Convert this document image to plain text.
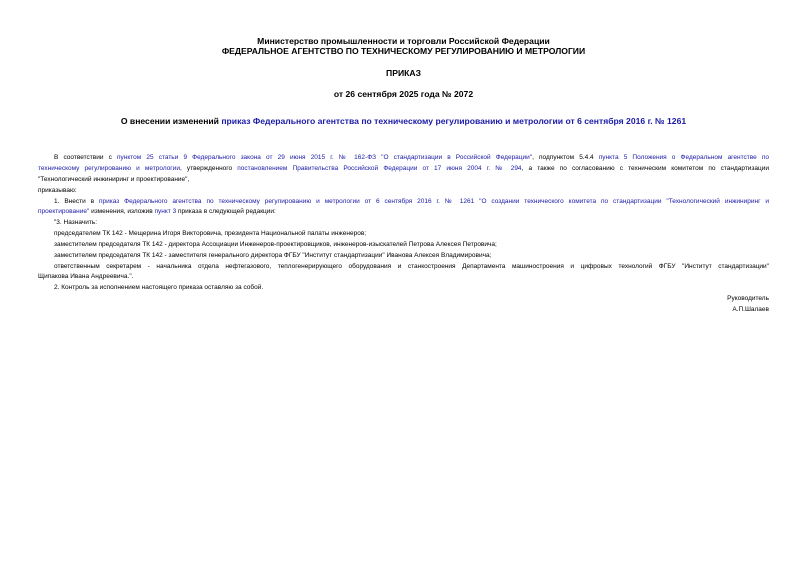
Министерство промышленности и торговли Российской Федерации
ФЕДЕРАЛЬНОЕ АГЕНТСТВО ПО ТЕХНИЧЕСКОМУ РЕГУЛИРОВАНИЮ И МЕТРОЛОГИИ
ПРИКАЗ
от 26 сентября 2025 года № 2072
О внесении изменений приказ Федерального агентства по техническому регулированию и метрологии от 6 сентября 2016 г. № 1261
В соответствии с пунктом 25 статьи 9 Федерального закона от 29 июня 2015 г. № 162-ФЗ "О стандартизации в Российской Федерации", подпунктом 5.4.4 пункта 5 Положения о Федеральном агентстве по
техническому регулированию и метрологии, утвержденного постановлением Правительства Российской Федерации от 17 июня 2004 г. № 294, а также по согласованию с техническим комитетом по стандартизации
"Технологический инжиниринг и проектирование",
приказываю:
1. Внести в приказ Федерального агентства по техническому регулированию и метрологии от 6 сентября 2016 г. № 1261 "О создании технического комитета по стандартизации "Технологический инжиниринг и
проектирование" изменения, изложив пункт 3 приказа в следующей редакции:
"3. Назначить:
председателем ТК 142 - Мещерина Игоря Викторовича, президента Национальной палаты инженеров;
заместителем председателя ТК 142 - директора Ассоциации Инженеров-проектировщиков, инженеров-изыскателей Петрова Алексея Петровича;
заместителем председателя ТК 142 - заместителя генерального директора ФГБУ "Институт стандартизации" Иванова Алексея Владимировича;
ответственным секретарем - начальника отдела нефтегазового, теплогенерирующего оборудования и станкостроения Департамента машиностроения и цифровых технологий ФГБУ "Институт стандартизации"
Щипакова Ивана Андреевича.".
2. Контроль за исполнением настоящего приказа оставляю за собой.
Руководитель
А.П.Шалаев
